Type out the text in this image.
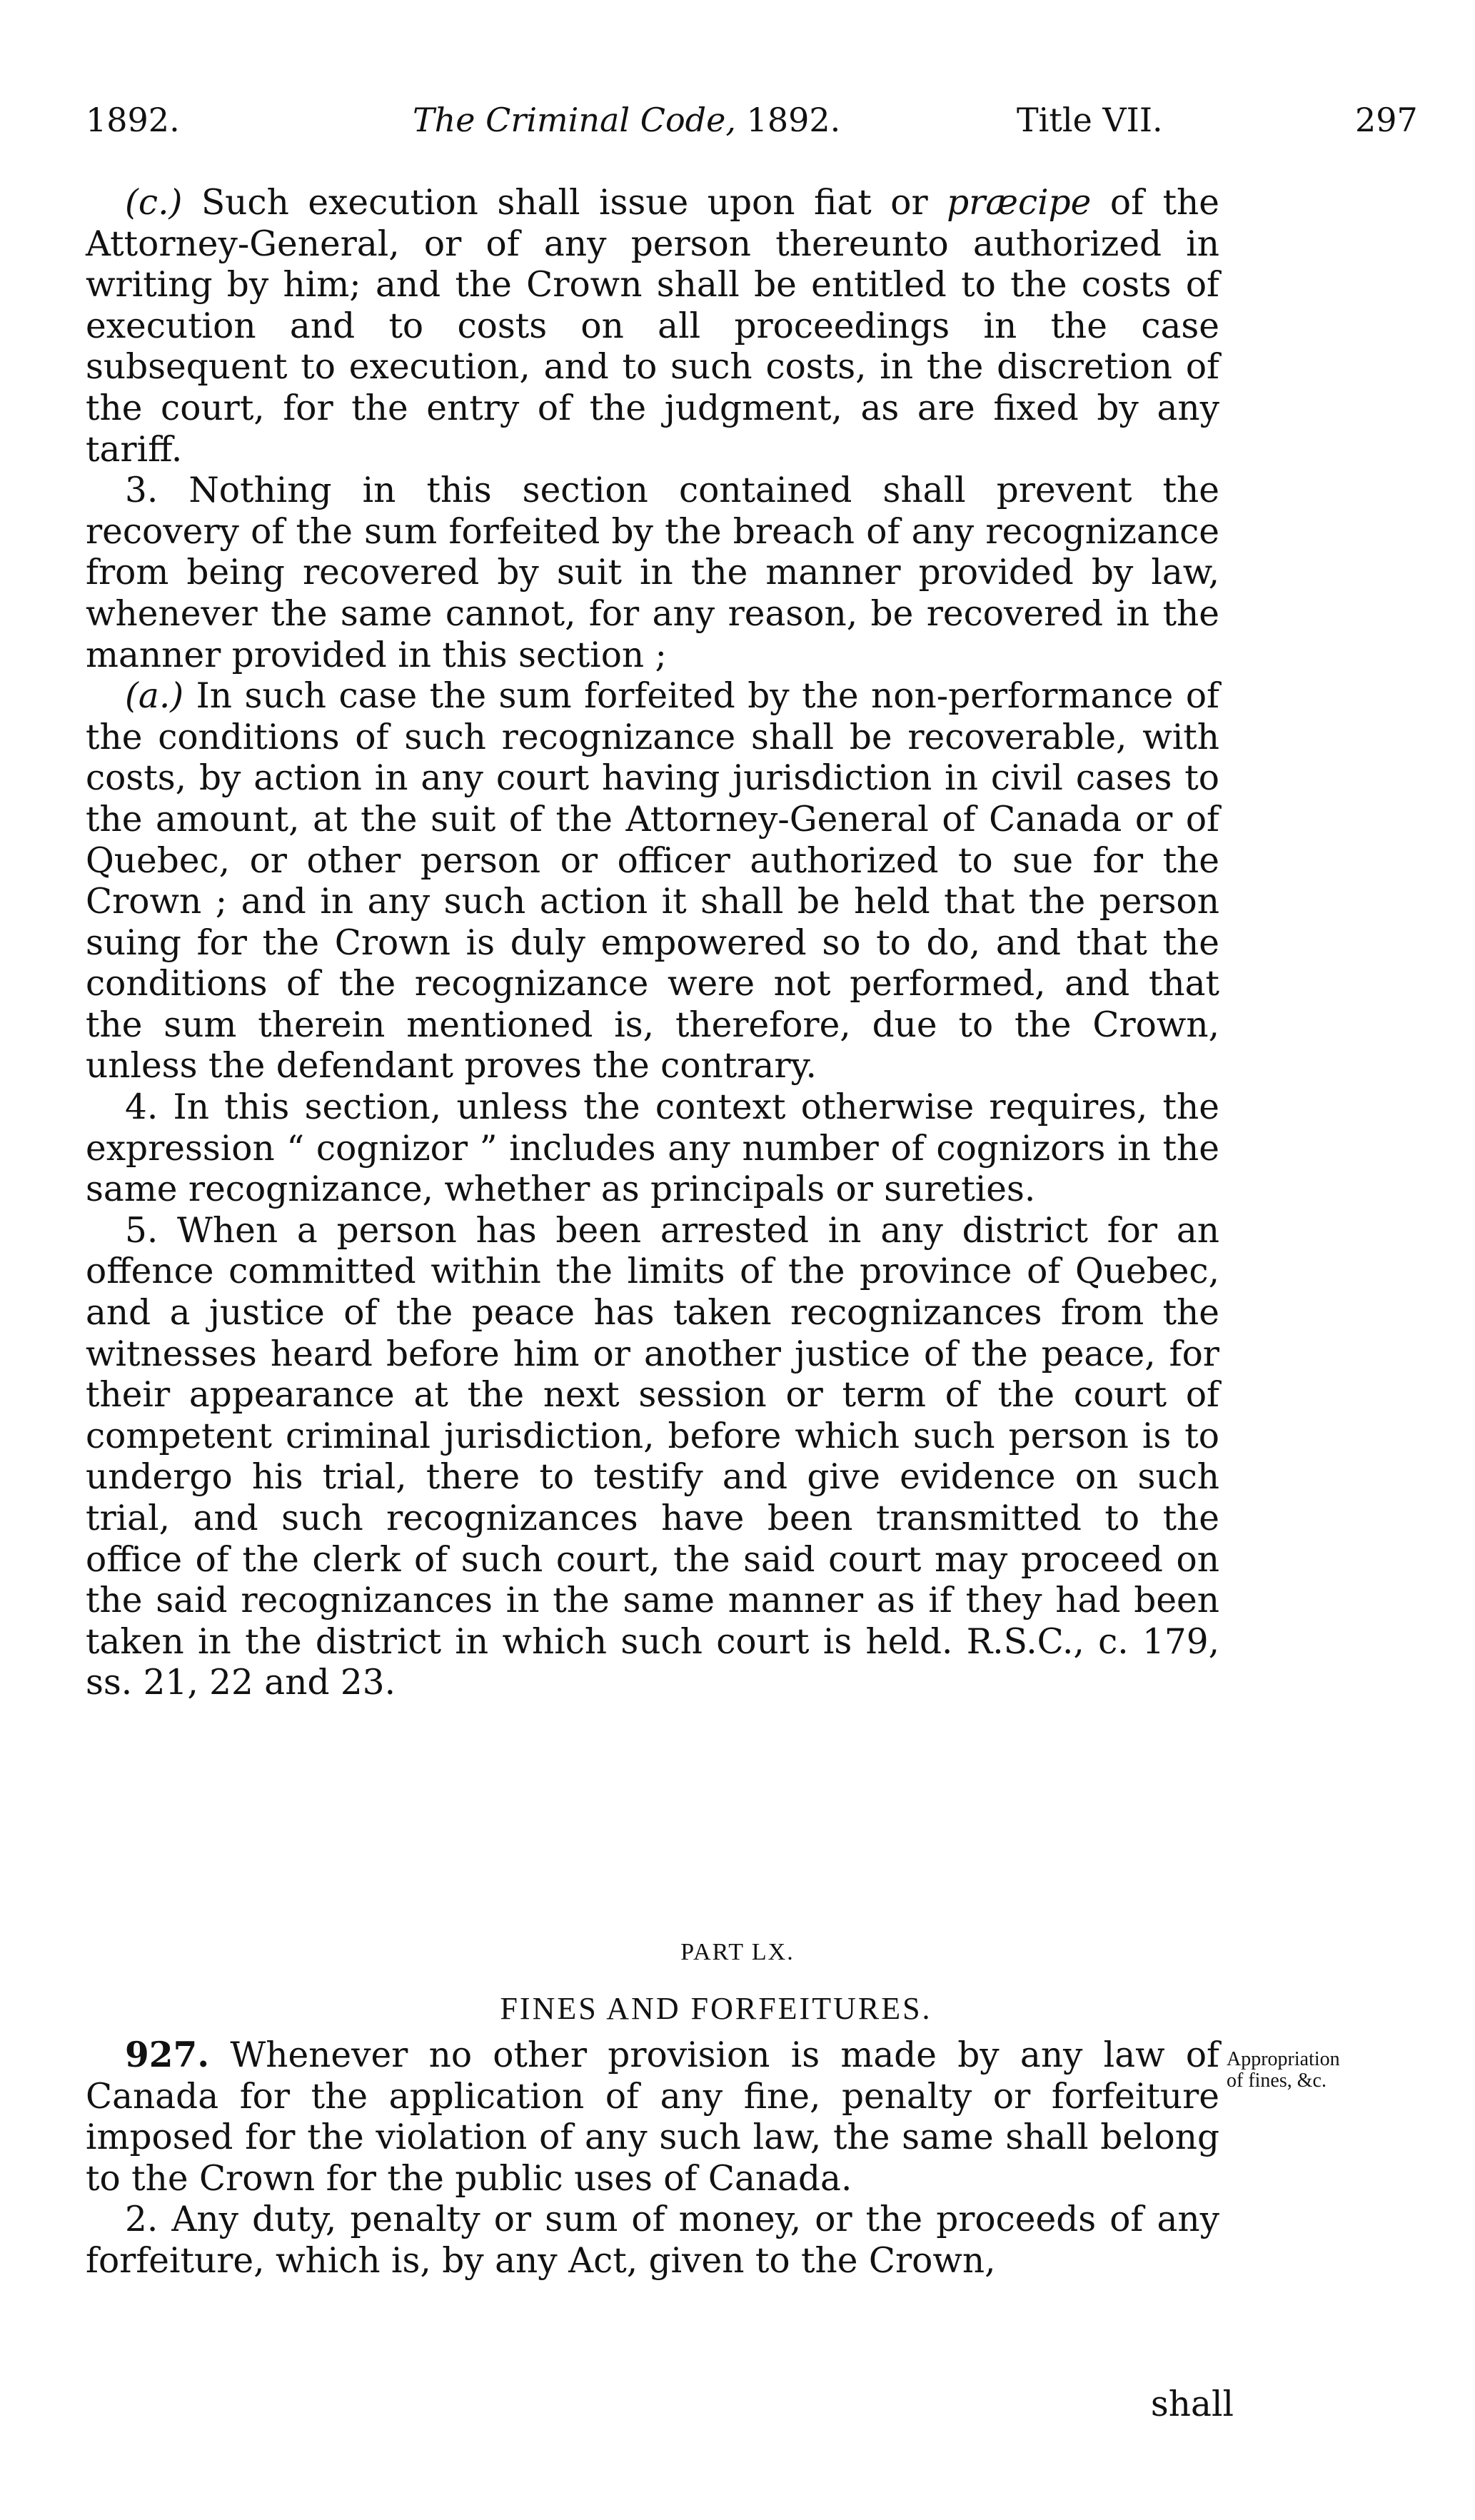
1892.	The Criminal Code, 1892.	Title VII.	297

(c.) Such execution shall issue upon fiat or præcipe of the Attorney-General, or of any person thereunto authorized in writing by him; and the Crown shall be entitled to the costs of execution and to costs on all proceedings in the case subsequent to execution, and to such costs, in the discretion of the court, for the entry of the judgment, as are fixed by any tariff.

3. Nothing in this section contained shall prevent the recovery of the sum forfeited by the breach of any recognizance from being recovered by suit in the manner provided by law, whenever the same cannot, for any reason, be recovered in the manner provided in this section ;

(a.) In such case the sum forfeited by the non-performance of the conditions of such recognizance shall be recoverable, with costs, by action in any court having jurisdiction in civil cases to the amount, at the suit of the Attorney-General of Canada or of Quebec, or other person or officer authorized to sue for the Crown ; and in any such action it shall be held that the person suing for the Crown is duly empowered so to do, and that the conditions of the recognizance were not performed, and that the sum therein mentioned is, therefore, due to the Crown, unless the defendant proves the contrary.

4. In this section, unless the context otherwise requires, the expression “ cognizor ” includes any number of cognizors in the same recognizance, whether as principals or sureties.

5. When a person has been arrested in any district for an offence committed within the limits of the province of Quebec, and a justice of the peace has taken recognizances from the witnesses heard before him or another justice of the peace, for their appearance at the next session or term of the court of competent criminal jurisdiction, before which such person is to undergo his trial, there to testify and give evidence on such trial, and such recognizances have been transmitted to the office of the clerk of such court, the said court may proceed on the said recognizances in the same manner as if they had been taken in the district in which such court is held. R.S.C., c. 179, ss. 21, 22 and 23.

PART LX.
FINES AND FORFEITURES.

927. Whenever no other provision is made by any law of Canada for the application of any fine, penalty or forfeiture imposed for the violation of any such law, the same shall belong to the Crown for the public uses of Canada.

2. Any duty, penalty or sum of money, or the proceeds of any forfeiture, which is, by any Act, given to the Crown,

Appropriation
of fines, &c.
shall
